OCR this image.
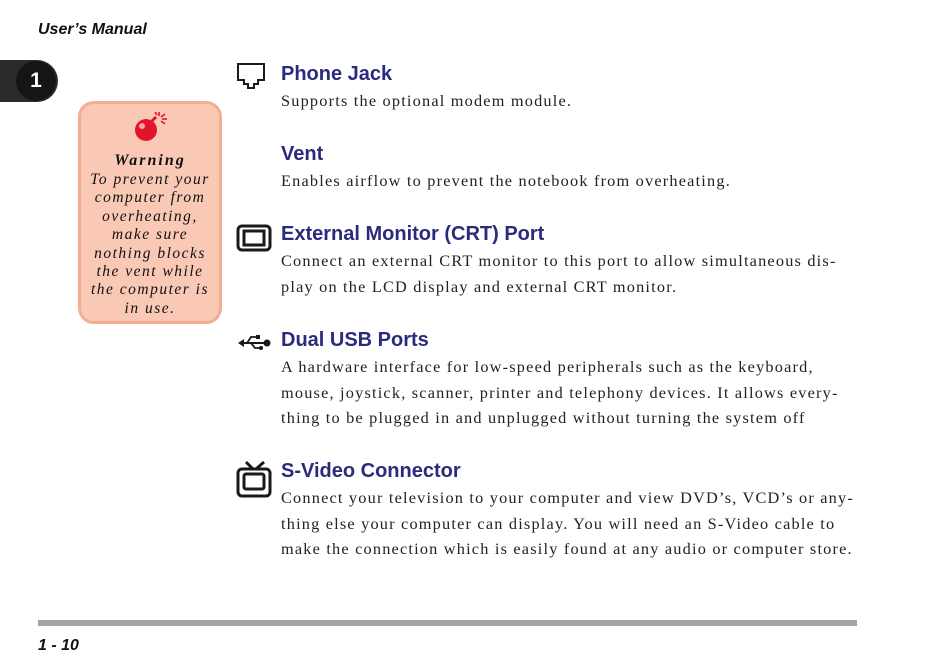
User’s Manual
1
Warning
To prevent your
computer from
overheating,
make sure
nothing blocks
the vent while
the computer is
in use.
Phone Jack
Supports the optional modem module.
Vent
Enables airflow to prevent the notebook from overheating.
External Monitor (CRT) Port
Connect an external CRT monitor to this port to allow simultaneous dis-
play on the LCD display and external CRT monitor.
Dual USB Ports
A hardware interface for low-speed peripherals such as the keyboard,
mouse, joystick, scanner, printer and telephony devices. It allows every-
thing to be plugged in and unplugged without turning the system off
S-Video Connector
Connect your television to your computer and view DVD’s, VCD’s or any-
thing else your computer can display. You will need an S-Video cable to
make the connection which is easily found at any audio or computer store.
1 - 10
